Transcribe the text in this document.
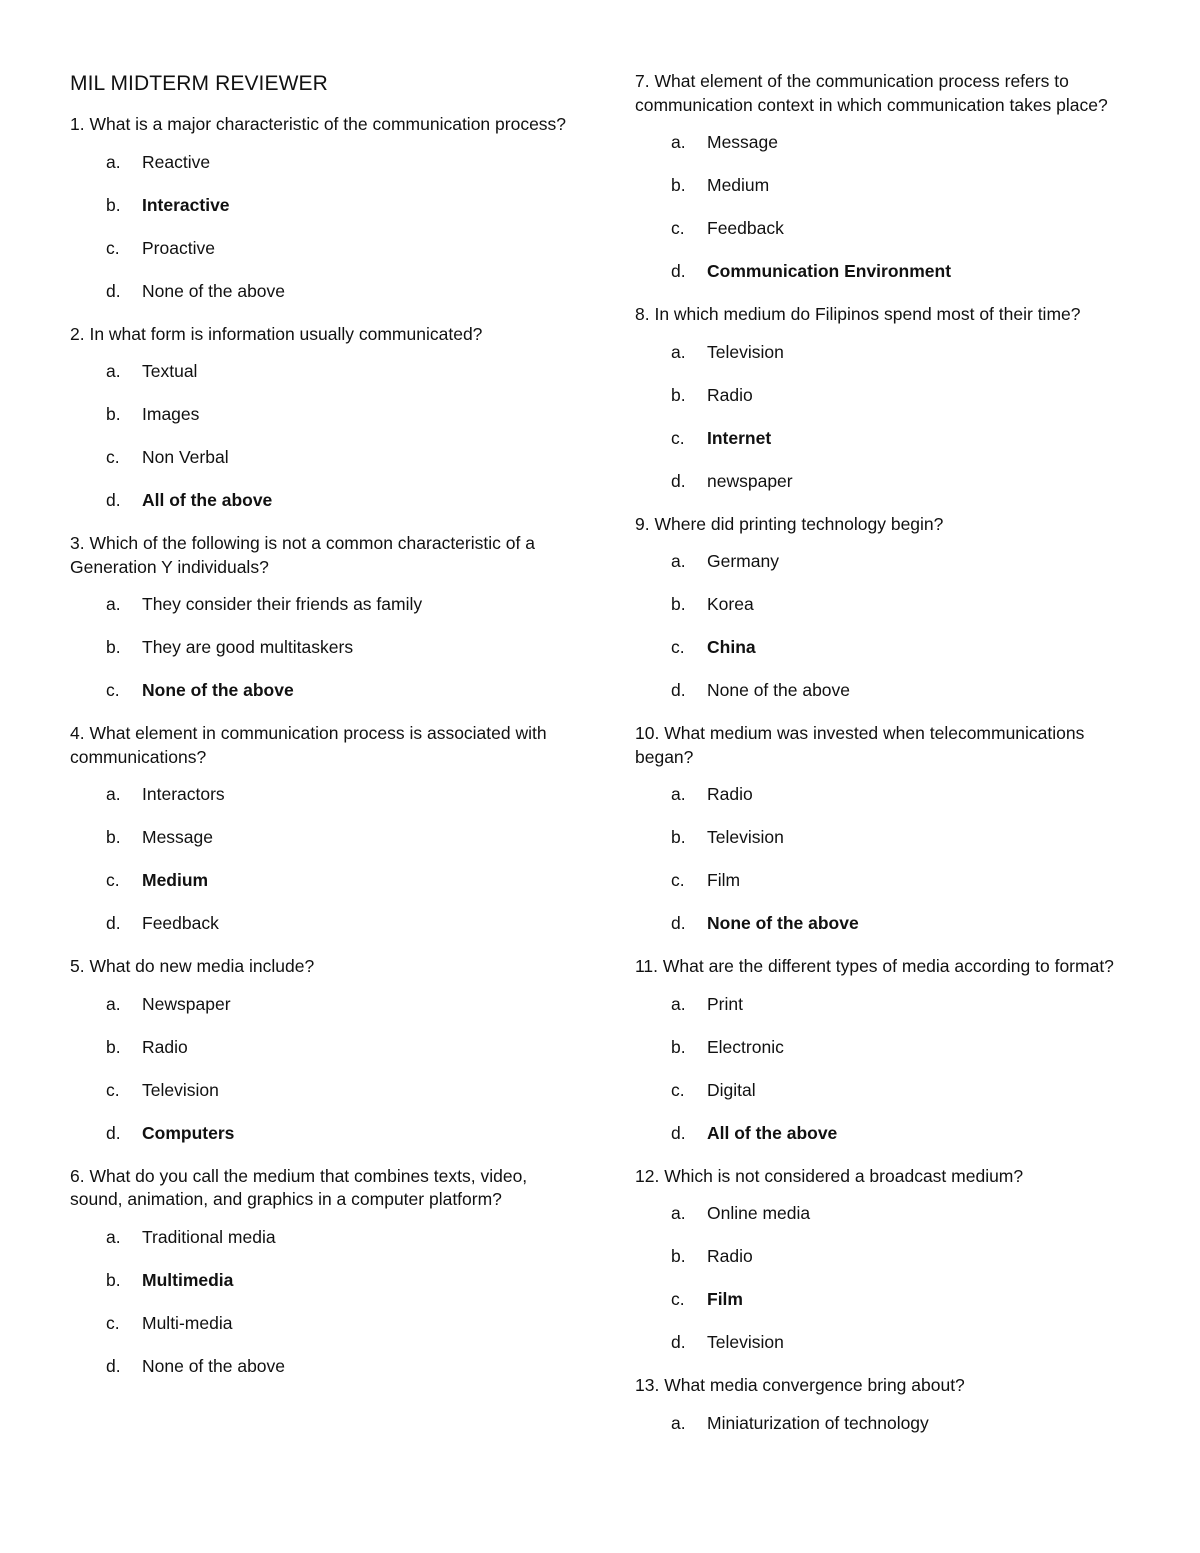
MIL MIDTERM REVIEWER
1. What is a major characteristic of the communication process?
a.	Reactive
b.	Interactive
c.	Proactive
d.	None of the above
2. In what form is information usually communicated?
a.	Textual
b.	Images
c.	Non Verbal
d.	All of the above
3. Which of the following is not a common characteristic of a Generation Y individuals?
a.	They consider their friends as family
b.	They are good multitaskers
c.	None of the above
4. What element in communication process is associated with communications?
a.	Interactors
b.	Message
c.	Medium
d.	Feedback
5. What do new media include?
a.	Newspaper
b.	Radio
c.	Television
d.	Computers
6. What do you call the medium that combines texts, video, sound, animation, and graphics in a computer platform?
a.	Traditional media
b.	Multimedia
c.	Multi-media
d.	None of the above
7. What element of the communication process refers to communication context in which communication takes place?
a.	Message
b.	Medium
c.	Feedback
d.	Communication Environment
8. In which medium do Filipinos spend most of their time?
a.	Television
b.	Radio
c.	Internet
d.	newspaper
9. Where did printing technology begin?
a.	Germany
b.	Korea
c.	China
d.	None of the above
10. What medium was invested when telecommunications began?
a.	Radio
b.	Television
c.	Film
d.	None of the above
11. What are the different types of media according to format?
a.	Print
b.	Electronic
c.	Digital
d.	All of the above
12. Which is not considered a broadcast medium?
a.	Online media
b.	Radio
c.	Film
d.	Television
13. What media convergence bring about?
a.	Miniaturization of technology
